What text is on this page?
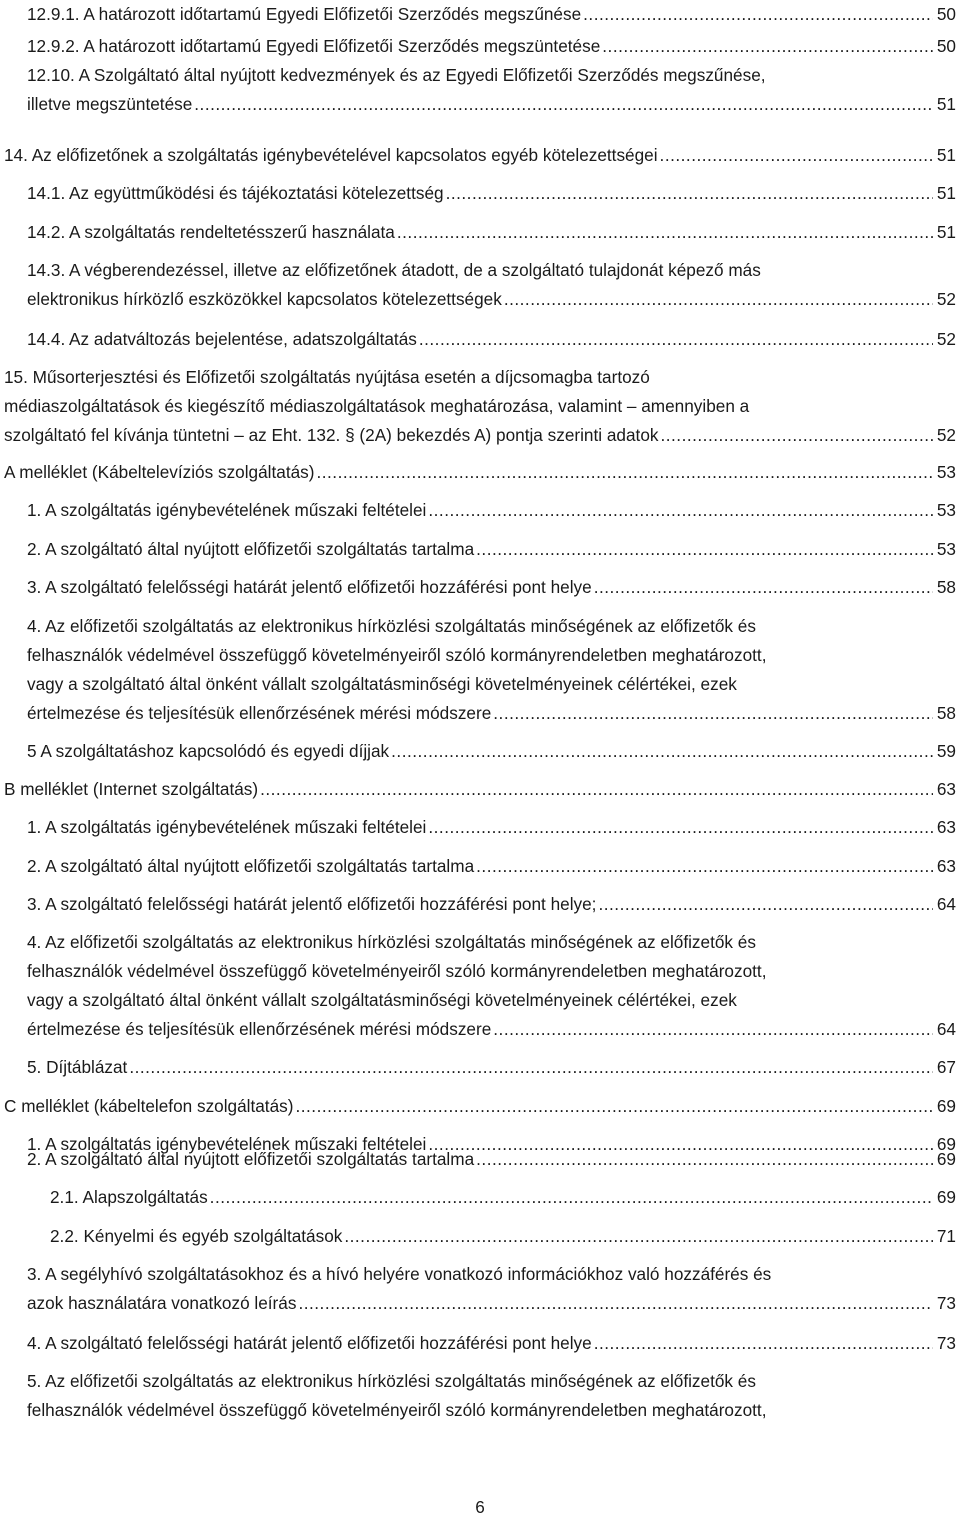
12.9.1. A határozott időtartamú Egyedi Előfizetői Szerződés megszűnése .....	50
12.9.2. A határozott időtartamú Egyedi Előfizetői Szerződés megszüntetése .....	50
12.10. A Szolgáltató által nyújtott kedvezmények és az Egyedi Előfizetői Szerződés megszűnése,
illetve megszüntetése .....	51
14. Az előfizetőnek a szolgáltatás igénybevételével kapcsolatos egyéb kötelezettségei .....	51
14.1. Az együttműködési és tájékoztatási kötelezettség .....	51
14.2. A szolgáltatás rendeltetésszerű használata .....	51
14.3. A végberendezéssel, illetve az előfizetőnek átadott, de a szolgáltató tulajdonát képező más
elektronikus hírközlő eszközökkel kapcsolatos kötelezettségek .....	52
14.4. Az adatváltozás bejelentése, adatszolgáltatás .....	52
15. Műsorterjesztési és Előfizetői szolgáltatás nyújtása esetén a díjcsomagba tartozó
médiaszolgáltatások és kiegészítő médiaszolgáltatások meghatározása, valamint – amennyiben a
szolgáltató fel kívánja tüntetni – az Eht. 132. § (2A) bekezdés A) pontja szerinti adatok .....	52
A melléklet (Kábeltelevíziós szolgáltatás) .....	53
1. A szolgáltatás igénybevételének műszaki feltételei .....	53
2. A szolgáltató által nyújtott előfizetői szolgáltatás tartalma .....	53
3. A szolgáltató felelősségi határát jelentő előfizetői hozzáférési pont helye .....	58
4. Az előfizetői szolgáltatás az elektronikus hírközlési szolgáltatás minőségének az előfizetők és
felhasználók védelmével összefüggő követelményeiről szóló kormányrendeletben meghatározott,
vagy a szolgáltató által önként vállalt szolgáltatásminőségi követelményeinek célértékei, ezek
értelmezése és teljesítésük ellenőrzésének mérési módszere .....	58
5 A szolgáltatáshoz kapcsolódó és egyedi díjjak .....	59
B melléklet (Internet szolgáltatás) .....	63
1. A szolgáltatás igénybevételének műszaki feltételei .....	63
2. A szolgáltató által nyújtott előfizetői szolgáltatás tartalma .....	63
3. A szolgáltató felelősségi határát jelentő előfizetői hozzáférési pont helye; .....	64
4. Az előfizetői szolgáltatás az elektronikus hírközlési szolgáltatás minőségének az előfizetők és
felhasználók védelmével összefüggő követelményeiről szóló kormányrendeletben meghatározott,
vagy a szolgáltató által önként vállalt szolgáltatásminőségi követelményeinek célértékei, ezek
értelmezése és teljesítésük ellenőrzésének mérési módszere .....	64
5. Díjtáblázat .....	67
C melléklet (kábeltelefon szolgáltatás) .....	69
1. A szolgáltatás igénybevételének műszaki feltételei .....	69
2. A szolgáltató által nyújtott előfizetői szolgáltatás tartalma .....	69
2.1. Alapszolgáltatás .....	69
2.2. Kényelmi és egyéb szolgáltatások .....	71
3. A segélyhívó szolgáltatásokhoz és a hívó helyére vonatkozó információkhoz való hozzáférés és
azok használatára vonatkozó leírás .....	73
4. A szolgáltató felelősségi határát jelentő előfizetői hozzáférési pont helye .....	73
5. Az előfizetői szolgáltatás az elektronikus hírközlési szolgáltatás minőségének az előfizetők és
felhasználók védelmével összefüggő követelményeiről szóló kormányrendeletben meghatározott,
6
